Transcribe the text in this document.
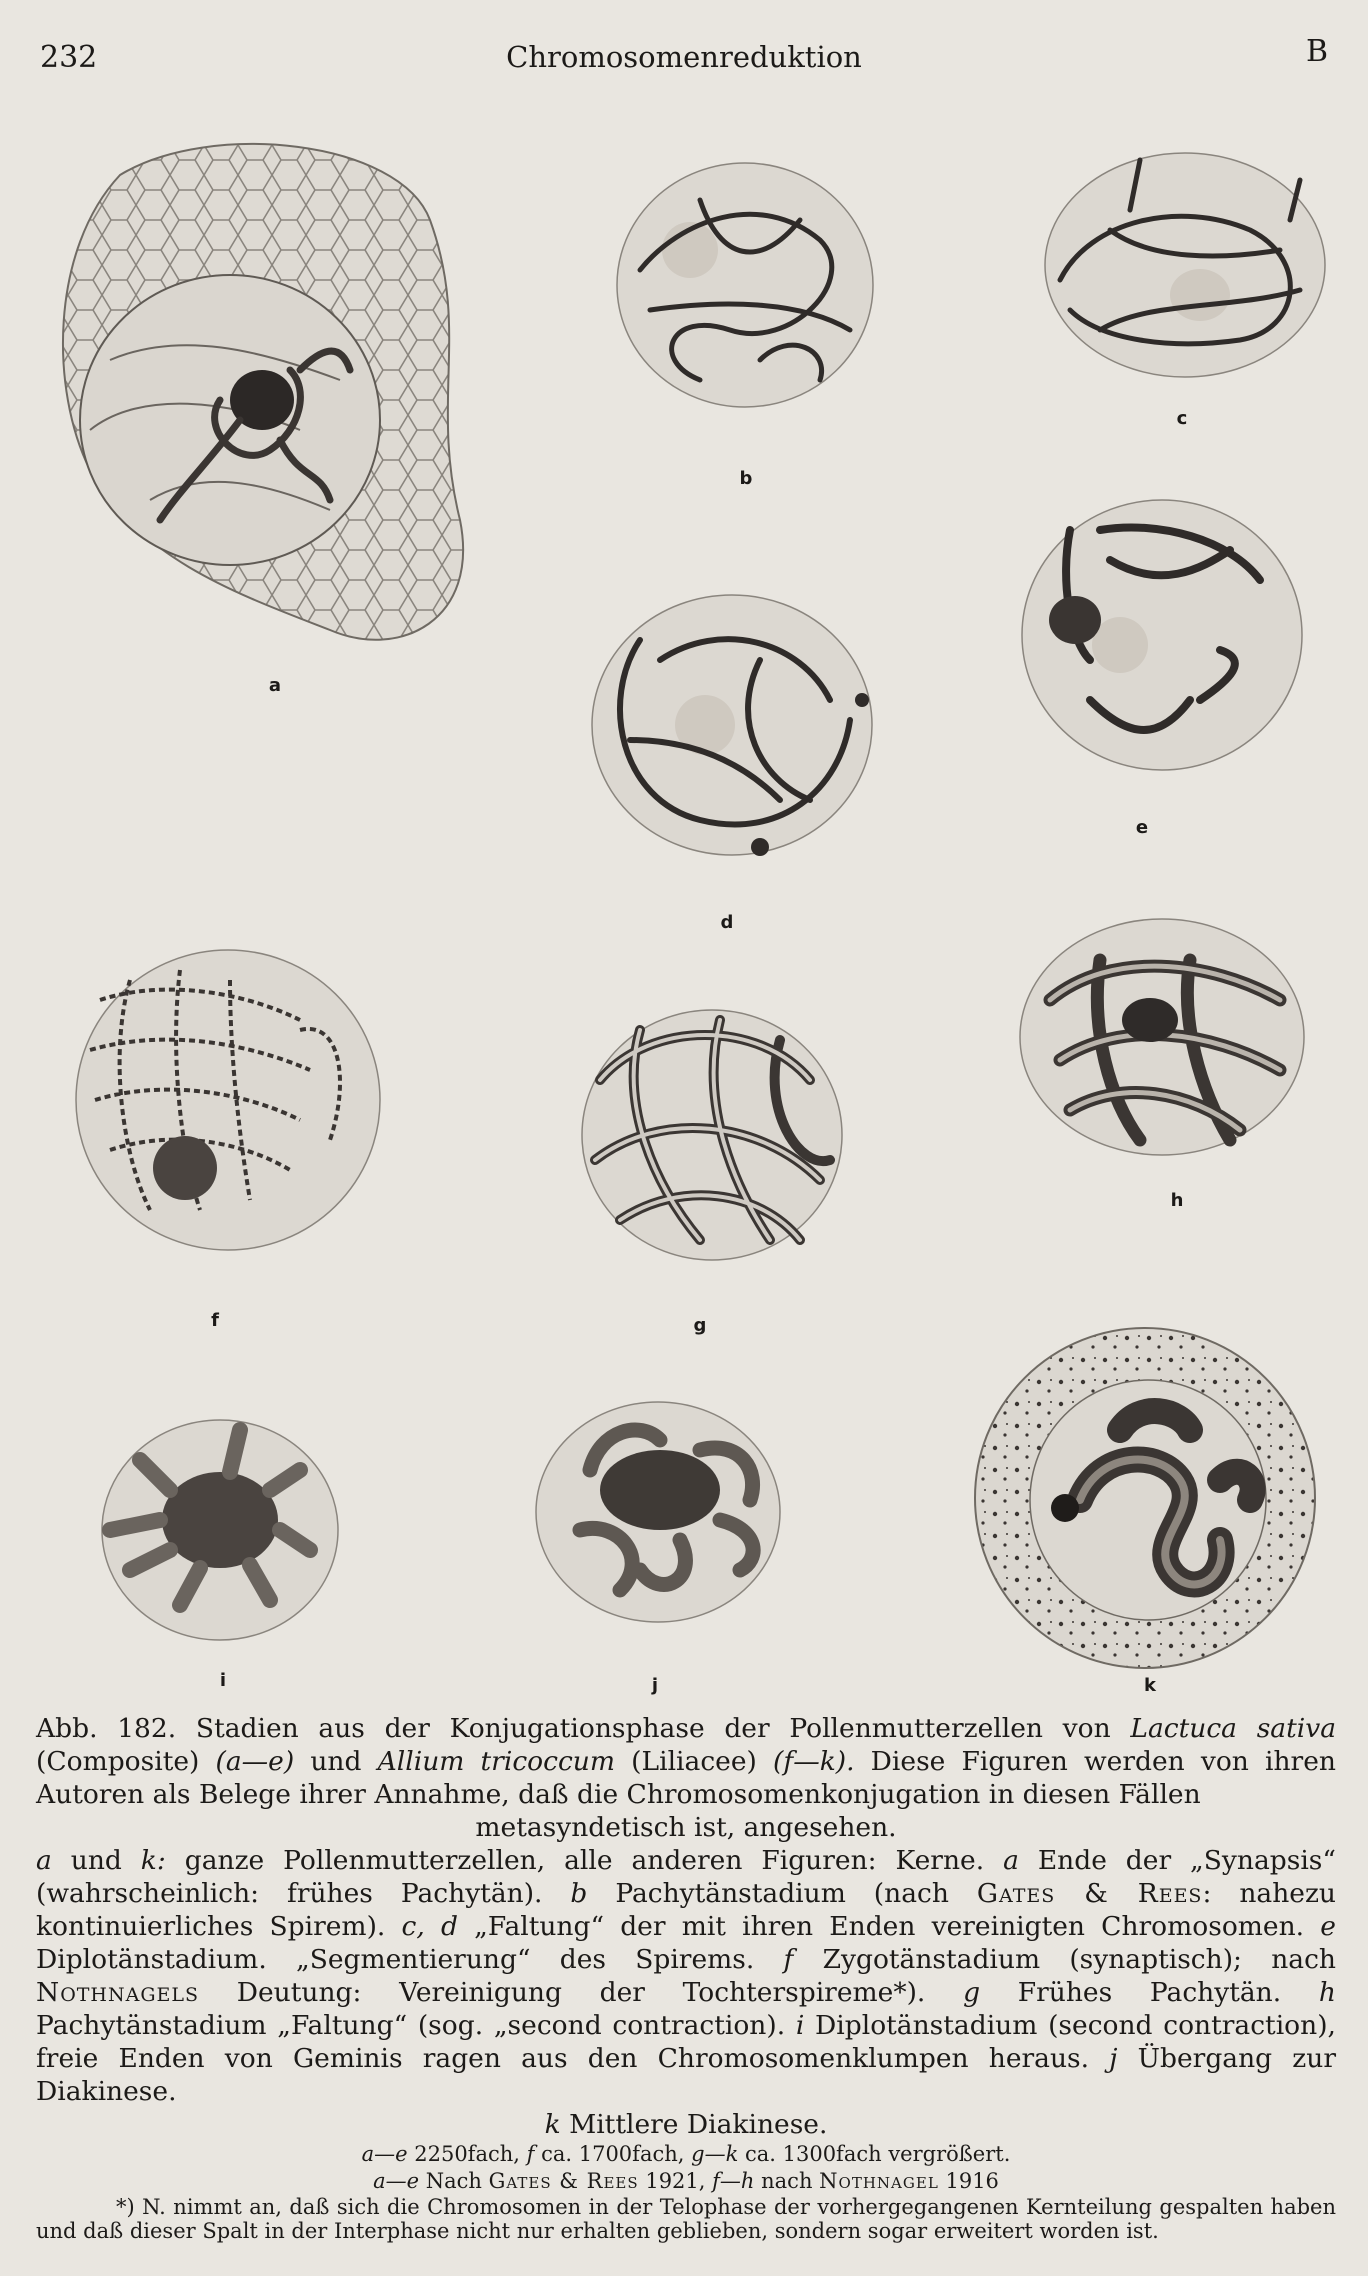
232	Chromosomenreduktion	B
a
b
c
d
e
f	g
h
i	j	k

Abb. 182. Stadien aus der Konjugationsphase der Pollenmutterzellen von Lactuca sativa (Composite) (a—e) und Allium tricoccum (Liliacee) (f—k). Diese Figuren werden von ihren Autoren als Belege ihrer Annahme, daß die Chromosomenkonjugation in diesen Fällen

metasyndetisch ist, angesehen.

a und k: ganze Pollenmutterzellen, alle anderen Figuren: Kerne. a Ende der „Synapsis“ (wahrscheinlich: frühes Pachytän). b Pachytänstadium (nach Gates & Rees: nahezu kontinuierliches Spirem). c, d „Faltung“ der mit ihren Enden vereinigten Chromosomen. e Diplotänstadium. „Segmentierung“ des Spirems. f Zygotänstadium (synaptisch); nach Nothnagels Deutung: Vereinigung der Tochterspireme*). g Frühes Pachytän. h Pachytänstadium „Faltung“ (sog. „second contraction). i Diplotänstadium (second contraction), freie Enden von Geminis ragen aus den Chromosomenklumpen heraus. j Übergang zur Diakinese.

k Mittlere Diakinese.

a—e 2250fach, f ca. 1700fach, g—k ca. 1300fach vergrößert.

a—e Nach Gates & Rees 1921, f—h nach Nothnagel 1916

*) N. nimmt an, daß sich die Chromosomen in der Telophase der vorhergegangenen Kernteilung gespalten haben und daß dieser Spalt in der Interphase nicht nur erhalten geblieben, sondern sogar erweitert worden ist.
